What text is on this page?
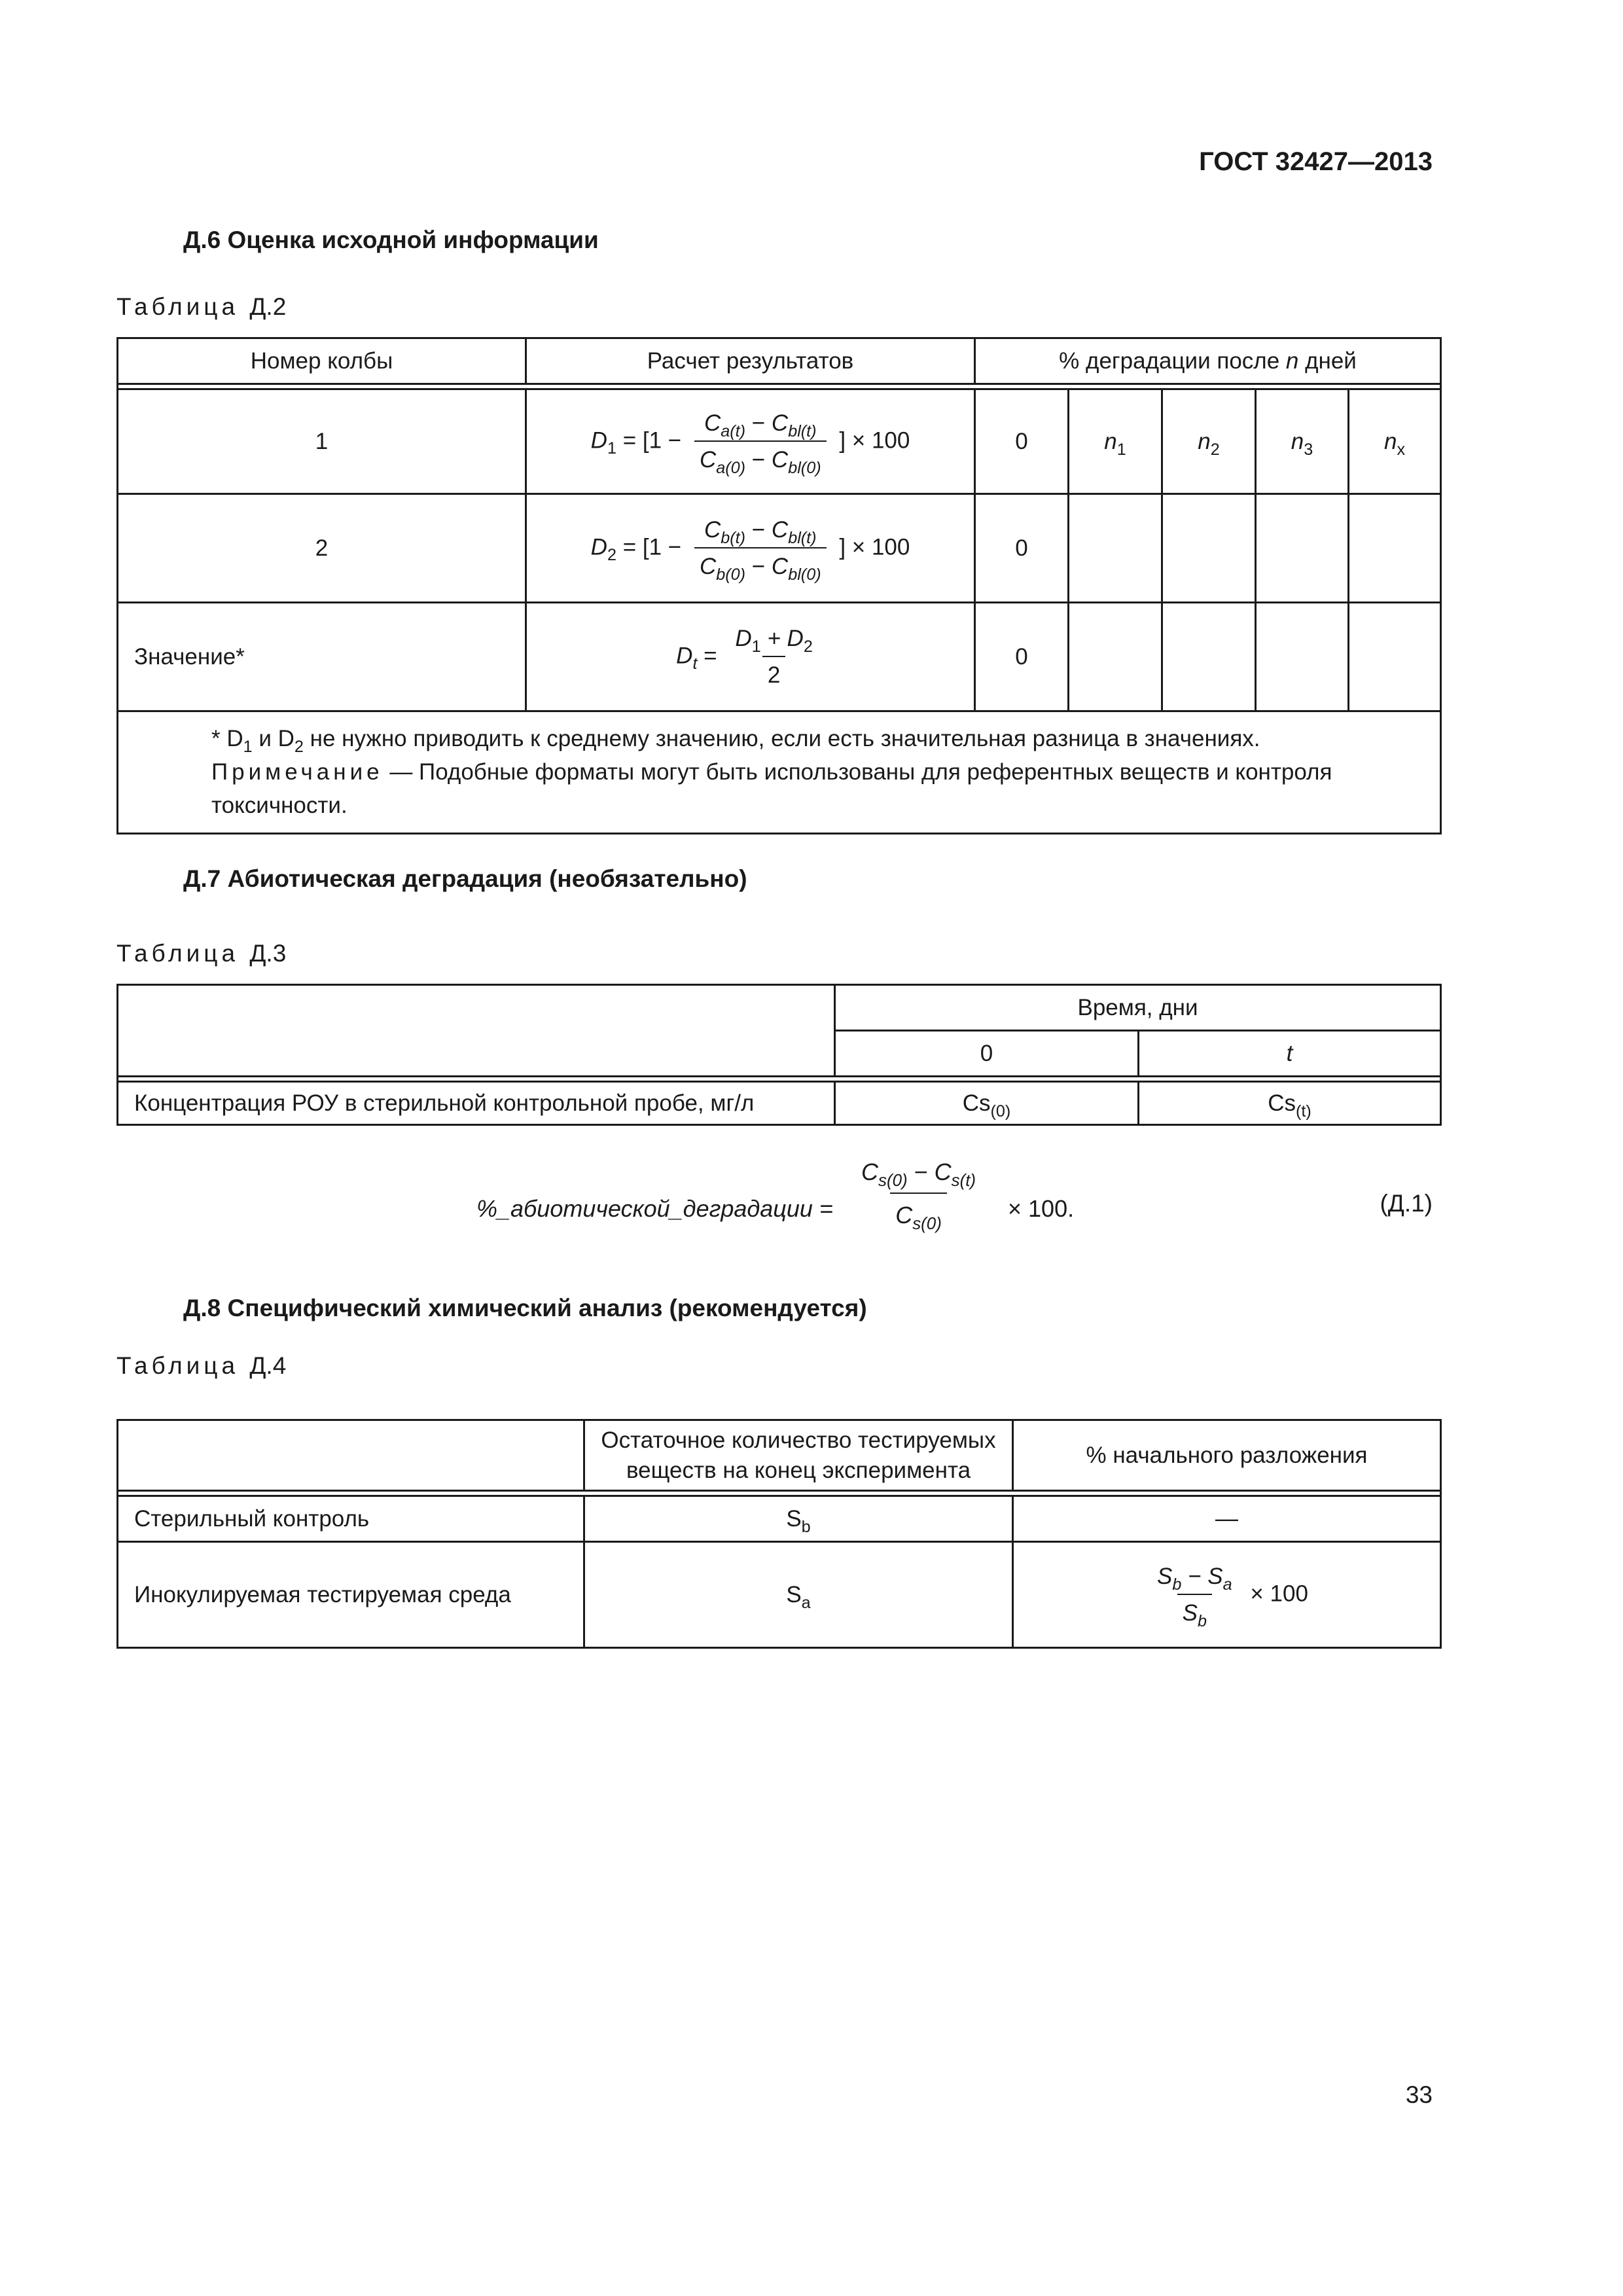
ГОСТ 32427—2013
Д.6 Оценка исходной информации
Таблица Д.2
Номер колбы	Расчет результатов	% деградации после n дней				

1	$D_1 = [1 - \frac{C_{a(t)} - C_{bl(t)}}{C_{a(0)} - C_{bl(0)}}$ ] × 100	0	$n_1$	$n_2$	$n_3$	$n_x$
2	$D_2 = [1 - \frac{C_{b(t)} - C_{bl(t)}}{C_{b(0)} - C_{bl(0)}}$ ] × 100	0				
Значение*	$D_t = \frac{D_1 + D_2}{2}$	0				

* $D_1$ и $D_2$ не нужно приводить к среднему значению, если есть значительная разница в значениях.
Примечание — Подобные форматы могут быть использованы для референтных веществ и контроля токсичности.						
Д.7 Абиотическая деградация (необязательно)
Таблица Д.3
	Время, дни	
	0	t

Концентрация РОУ в стерильной контрольной пробе, мг/л	$Cs_{(0)}$	$Cs_{(t)}$
%_абиотической_деградации = $\frac{C_{s(0)} - C_{s(t)}}{C_{s(0)}} \times 100$.	(Д.1)
Д.8 Специфический химический анализ (рекомендуется)
Таблица Д.4

	Остаточное количество тестируемых
веществ на конец эксперимента	% начального разложения

Стерильный контроль	$S_b$	—
Инокулируемая тестируемая среда	$S_a$	$\frac{S_b - S_a}{S_b} \times 100$
33
